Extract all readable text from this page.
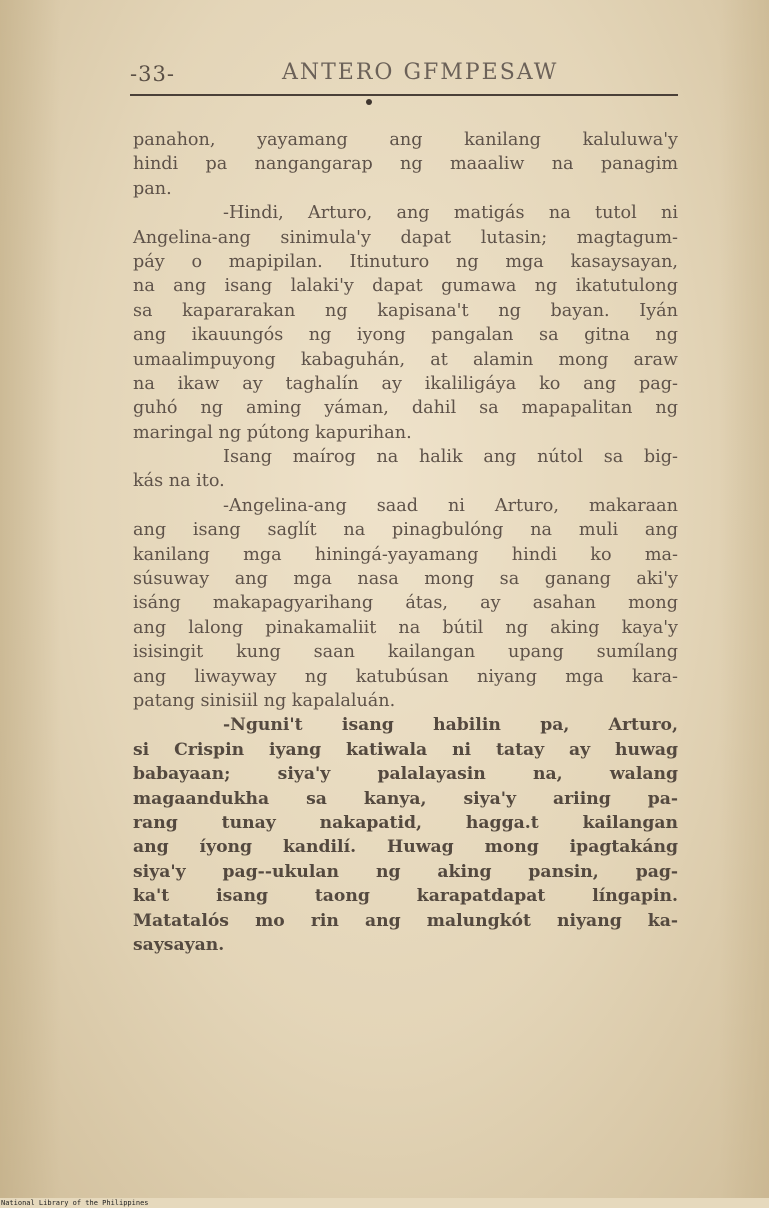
-33-	ANTERO GFMPESAW
panahon, yayamang ang kanilang kaluluwa'y
hindi pa nangangarap ng maaaliw na panagim
pan.
-Hindi, Arturo, ang matigás na tutol ni
Angelina-ang sinimula'y dapat lutasin; magtagum-
páy o mapipilan. Itinuturo ng mga kasaysayan,
na ang isang lalaki'y dapat gumawa ng ikatutulong
sa kapararakan ng kapisana't ng bayan. Iyán
ang ikauungós ng iyong pangalan sa gitna ng
umaalimpuyong kabaguhán, at alamin mong araw
na ikaw ay taghalín ay ikaliligáya ko ang pag-
guhó ng aming yáman, dahil sa mapapalitan ng
maringal ng pútong kapurihan.
Isang maírog na halik ang nútol sa big-
kás na ito.
-Angelina-ang saad ni Arturo, makaraan
ang isang saglít na pinagbulóng na muli ang
kanilang mga hiningá-yayamang hindi ko ma-
súsuway ang mga nasa mong sa ganang aki'y
isáng makapagyarihang átas, ay asahan mong
ang lalong pinakamaliit na bútil ng aking kaya'y
isisingit kung saan kailangan upang sumílang
ang liwayway ng katubúsan niyang mga kara-
patang sinisiil ng kapalaluán.
-Nguni't isang habilin pa, Arturo,
si Crispin iyang katiwala ni tatay ay huwag
babayaan; siya'y palalayasin na, walang
magaandukha sa kanya, siya'y ariing pa-
rang tunay nakapatid, hagga.t kailangan
ang íyong kandilí. Huwag mong ipagtakáng
siya'y pag--ukulan ng aking pansin, pag-
ka't isang taong karapatdapat língapin.
Matatalós mo rin ang malungkót niyang ka-
saysayan.
National Library of the Philippines
